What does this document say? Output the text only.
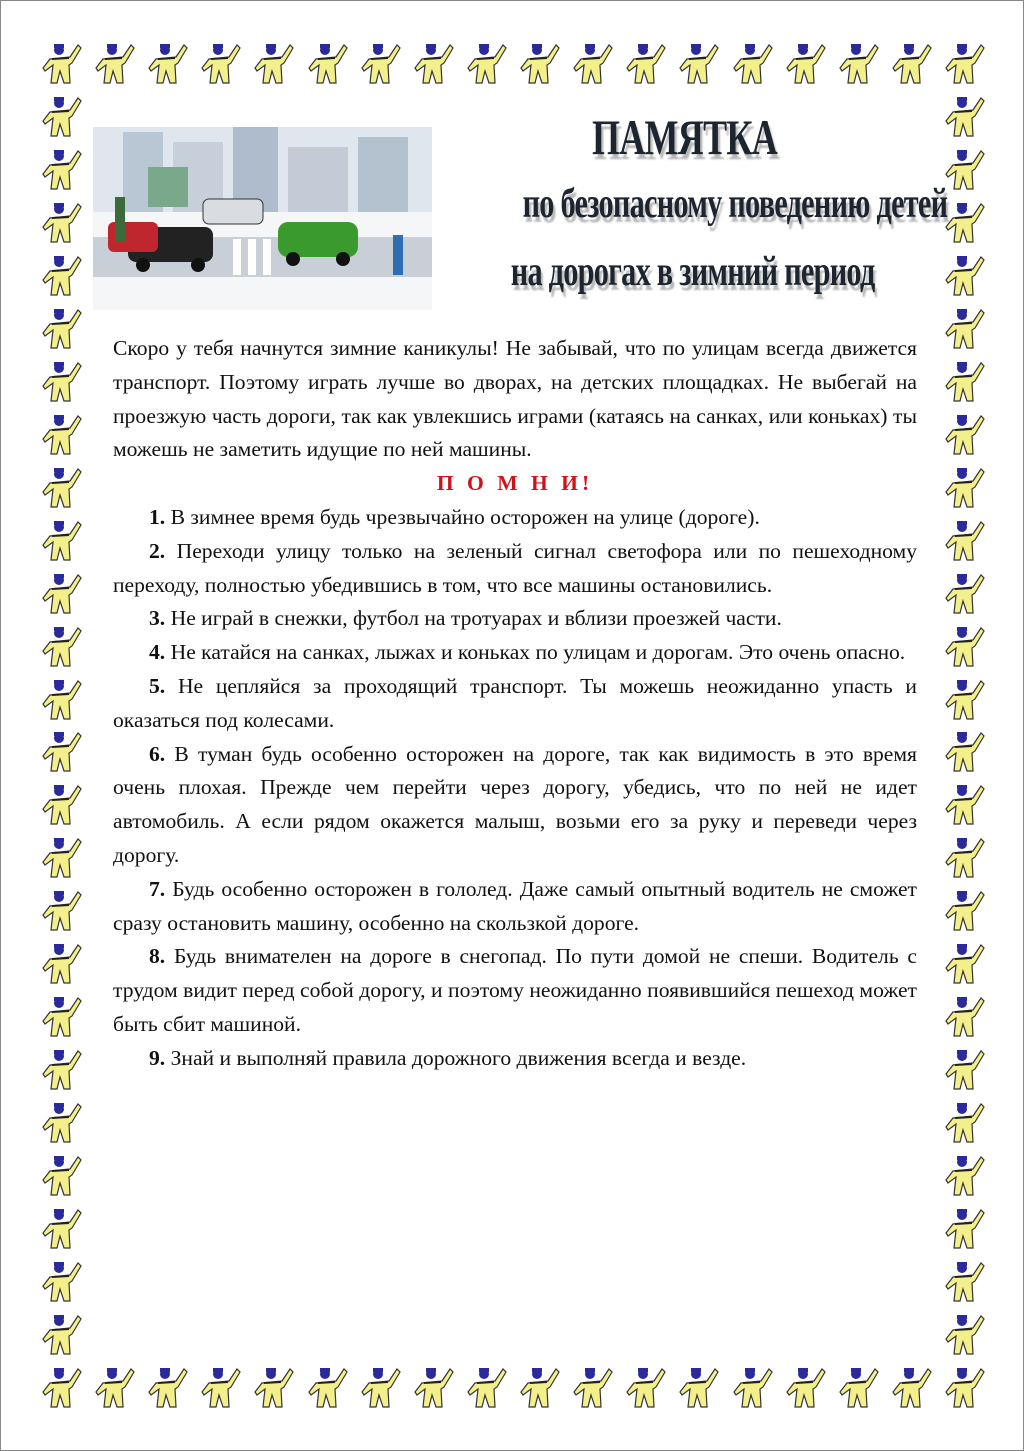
ПАМЯТКА
по безопасному поведению детей
на дорогах в зимний период

Скоро у тебя начнутся зимние каникулы! Не забывай, что по улицам всегда движется транспорт. Поэтому играть лучше во дворах, на детских площадках. Не выбегай на проезжую часть дороги, так как увлекшись играми (катаясь на санках, или коньках) ты можешь не заметить идущие по ней машины.

П О М Н И!

1. В зимнее время будь чрезвычайно осторожен на улице (дороге).

2. Переходи улицу только на зеленый сигнал светофора или по пешеходному переходу, полностью убедившись в том, что все машины остановились.

3. Не играй в снежки, футбол на тротуарах и вблизи проезжей части.

4. Не катайся на санках, лыжах и коньках по улицам и дорогам. Это очень опасно.

5. Не цепляйся за проходящий транспорт. Ты можешь неожиданно упасть и оказаться под колесами.

6. В туман будь особенно осторожен на дороге, так как видимость в это время очень плохая. Прежде чем перейти через дорогу, убедись, что по ней не идет автомобиль. А если рядом окажется малыш, возьми его за руку и переведи через дорогу.

7. Будь особенно осторожен в гололед. Даже самый опытный водитель не сможет сразу остановить машину, особенно на скользкой дороге.

8. Будь внимателен на дороге в снегопад. По пути домой не спеши. Водитель с трудом видит перед собой дорогу, и поэтому неожиданно появившийся пешеход может быть сбит машиной.

9. Знай и выполняй правила дорожного движения всегда и везде.
